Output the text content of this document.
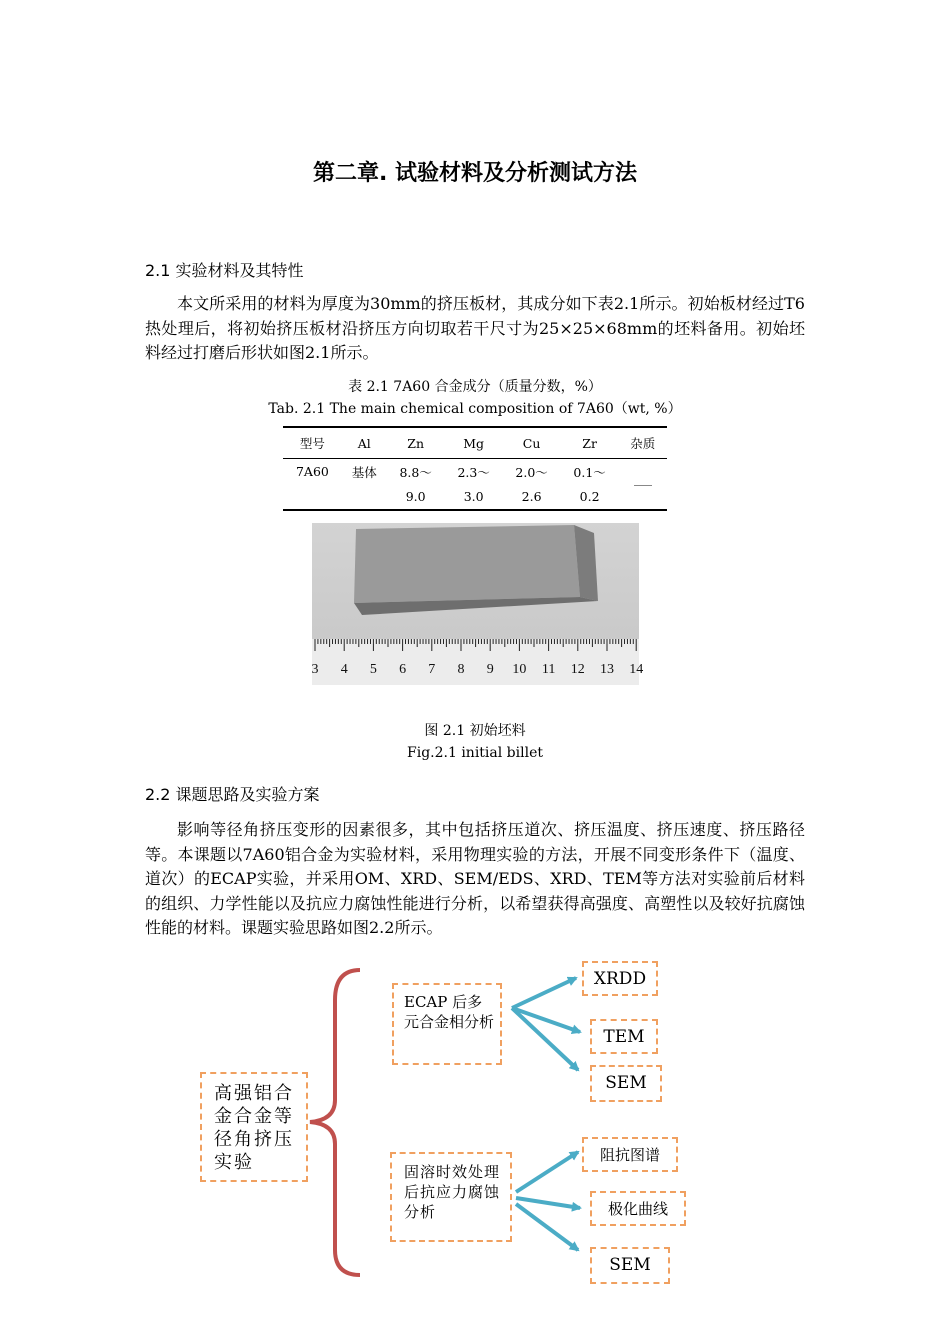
第二章. 试验材料及分析测试方法
2.1 实验材料及其特性

本文所采用的材料为厚度为30mm的挤压板材，其成分如下表2.1所示。初始板材经过T6热处理后，将初始挤压板材沿挤压方向切取若干尺寸为25×25×68mm的坯料备用。初始坯料经过打磨后形状如图2.1所示。

表 2.1 7A60 合金成分（质量分数，%）
Tab. 2.1 The main chemical composition of 7A60（wt, %）
型号	Al	Zn	Mg	Cu	Zr	杂质
7A60	基体	8.8～	2.3～	2.0～	0.1～	
		9.0	3.0	2.6	0.2	
3 4 5 6 7 8 9 10 11 12 13 14
图 2.1 初始坯料
Fig.2.1 initial billet
2.2 课题思路及实验方案

影响等径角挤压变形的因素很多，其中包括挤压道次、挤压温度、挤压速度、挤压路径等。本课题以7A60铝合金为实验材料，采用物理实验的方法，开展不同变形条件下（温度、道次）的ECAP实验，并采用OM、XRD、SEM/EDS、XRD、TEM等方法对实验前后材料的组织、力学性能以及抗应力腐蚀性能进行分析，以希望获得高强度、高塑性以及较好抗腐蚀性能的材料。课题实验思路如图2.2所示。

高强铝合金合金等径角挤压实验
ECAP 后多元合金相分析
固溶时效处理后抗应力腐蚀分析
XRDD
TEM
SEM
阻抗图谱
极化曲线
SEM
